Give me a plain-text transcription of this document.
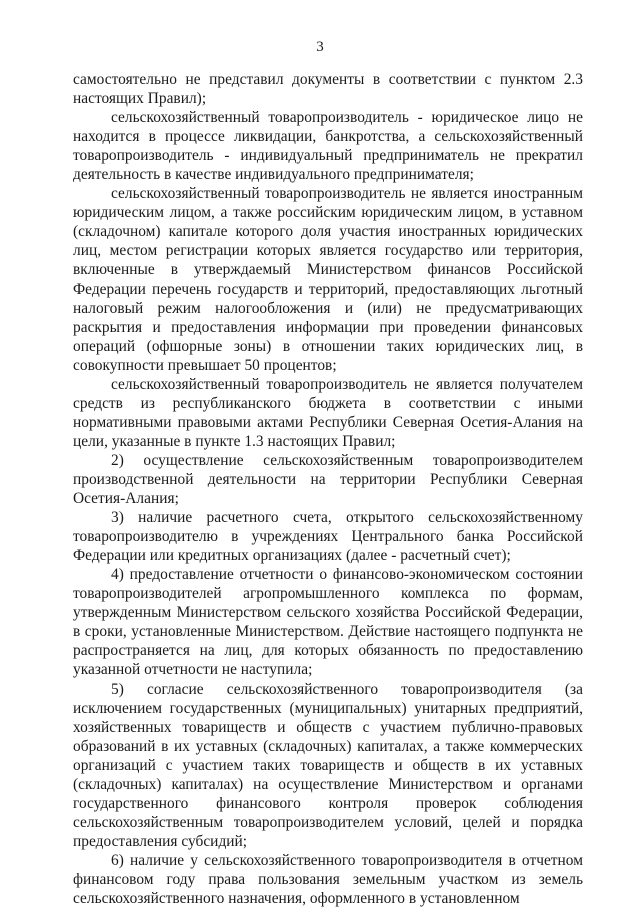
3

самостоятельно не представил документы в соответствии с пунктом 2.3 настоящих Правил);

сельскохозяйственный товаропроизводитель - юридическое лицо не находится в процессе ликвидации, банкротства, а сельскохозяйственный товаропроизводитель - индивидуальный предприниматель не прекратил деятельность в качестве индивидуального предпринимателя;

сельскохозяйственный товаропроизводитель не является иностранным юридическим лицом, а также российским юридическим лицом, в уставном (складочном) капитале которого доля участия иностранных юридических лиц, местом регистрации которых является государство или территория, включенные в утверждаемый Министерством финансов Российской Федерации перечень государств и территорий, предоставляющих льготный налоговый режим налогообложения и (или) не предусматривающих раскрытия и предоставления информации при проведении финансовых операций (офшорные зоны) в отношении таких юридических лиц, в совокупности превышает 50 процентов;

сельскохозяйственный товаропроизводитель не является получателем средств из республиканского бюджета в соответствии с иными нормативными правовыми актами Республики Северная Осетия-Алания на цели, указанные в пункте 1.3 настоящих Правил;

2) осуществление сельскохозяйственным товаропроизводителем производственной деятельности на территории Республики Северная Осетия-Алания;

3) наличие расчетного счета, открытого сельскохозяйственному товаропроизводителю в учреждениях Центрального банка Российской Федерации или кредитных организациях (далее - расчетный счет);

4) предоставление отчетности о финансово-экономическом состоянии товаропроизводителей агропромышленного комплекса по формам, утвержденным Министерством сельского хозяйства Российской Федерации, в сроки, установленные Министерством. Действие настоящего подпункта не распространяется на лиц, для которых обязанность по предоставлению указанной отчетности не наступила;

5) согласие сельскохозяйственного товаропроизводителя (за исключением государственных (муниципальных) унитарных предприятий, хозяйственных товариществ и обществ с участием публично-правовых образований в их уставных (складочных) капиталах, а также коммерческих организаций с участием таких товариществ и обществ в их уставных (складочных) капиталах) на осуществление Министерством и органами государственного финансового контроля проверок соблюдения сельскохозяйственным товаропроизводителем условий, целей и порядка предоставления субсидий;

6) наличие у сельскохозяйственного товаропроизводителя в отчетном финансовом году права пользования земельным участком из земель сельскохозяйственного назначения, оформленного в установленном
